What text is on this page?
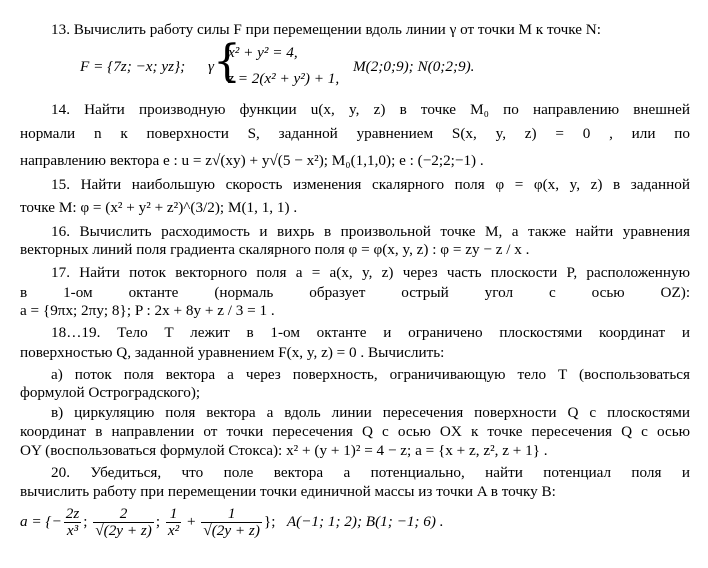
13. Вычислить работу силы F при перемещении вдоль линии γ от точки M к точке N:
F = {7z; −x; yz};	γ {
x² + y² = 4,
z = 2(x² + y²) + 1,
M(2;0;9); N(0;2;9).
14. Найти производную функции u(x, y, z) в точке M₀ по направлению внешней
нормали n к поверхности S, заданной уравнением S(x, y, z) = 0 , или по
направлению вектора e : u = z√(xy) + y√(5 − x²); M₀(1,1,0); e : (−2;2;−1) .
15. Найти наибольшую скорость изменения скалярного поля φ = φ(x, y, z) в заданной
точке M: φ = (x² + y² + z²)^(3/2); M(1, 1, 1) .
16. Вычислить расходимость и вихрь в произвольной точке M, а также найти уравнения
векторных линий поля градиента скалярного поля φ = φ(x, y, z) : φ = zy − z / x .
17. Найти поток векторного поля a = a(x, y, z) через часть плоскости P, расположенную
в 1-ом октанте (нормаль образует острый угол с осью OZ):
a = {9πx; 2πy; 8}; P : 2x + 8y + z / 3 = 1 .
18…19. Тело T лежит в 1-ом октанте и ограничено плоскостями координат и
поверхностью Q, заданной уравнением F(x, y, z) = 0 . Вычислить:
а) поток поля вектора a через поверхность, ограничивающую тело T (воспользоваться
формулой Остроградского);
в) циркуляцию поля вектора a вдоль линии пересечения поверхности Q с плоскостями
координат в направлении от точки пересечения Q с осью OX к точке пересечения Q с осью
OY (воспользоваться формулой Стокса): x² + (y + 1)² = 4 − z; a = {x + z, z², z + 1} .
20. Убедиться, что поле вектора a потенциально, найти потенциал поля и
вычислить работу при перемещении точки единичной массы из точки A в точку B:
a = {− $\frac{2z}{\text{x³}}$ ; $\frac{2}{√(2y + z)}$ ; $\frac{1}{\text{x²}} + \frac{1}{√(2y + z)}$ }; A(−1; 1; 2); B(1; −1; 6) .
